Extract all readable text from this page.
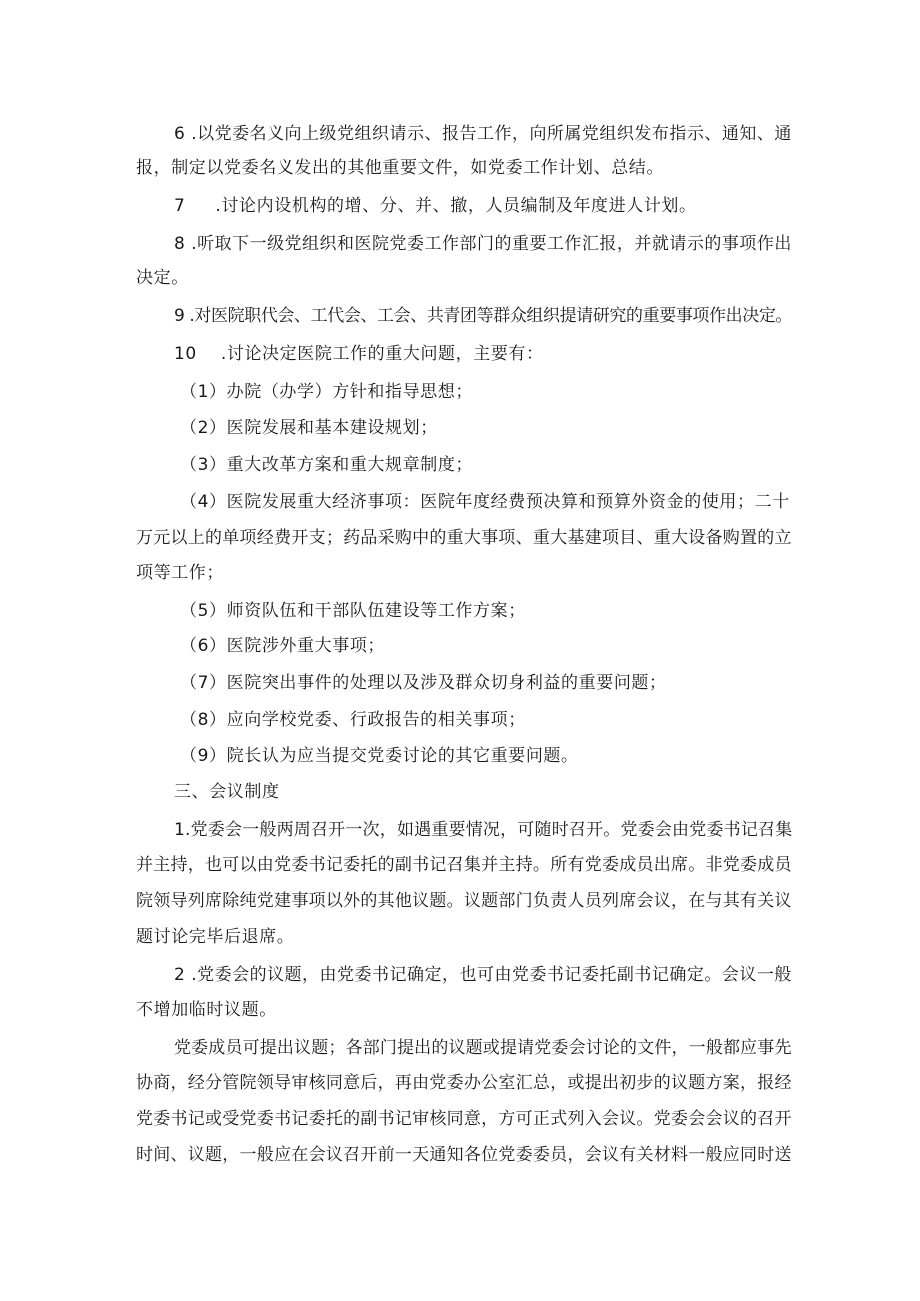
6 .以党委名义向上级党组织请示、报告工作，向所属党组织发布指示、通知、通
报，制定以党委名义发出的其他重要文件，如党委工作计划、总结。
7     .讨论内设机构的增、分、并、撤，人员编制及年度进人计划。
8 .听取下一级党组织和医院党委工作部门的重要工作汇报，并就请示的事项作出
决定。
9 .对医院职代会、工代会、工会、共青团等群众组织提请研究的重要事项作出决定。
10    .讨论决定医院工作的重大问题，主要有：
（1）办院（办学）方针和指导思想；
（2）医院发展和基本建设规划；
（3）重大改革方案和重大规章制度；
（4）医院发展重大经济事项：医院年度经费预决算和预算外资金的使用；二十
万元以上的单项经费开支；药品采购中的重大事项、重大基建项目、重大设备购置的立
项等工作；
（5）师资队伍和干部队伍建设等工作方案；
（6）医院涉外重大事项；
（7）医院突出事件的处理以及涉及群众切身利益的重要问题；
（8）应向学校党委、行政报告的相关事项；
（9）院长认为应当提交党委讨论的其它重要问题。
三、会议制度
1.党委会一般两周召开一次，如遇重要情况，可随时召开。党委会由党委书记召集
并主持，也可以由党委书记委托的副书记召集并主持。所有党委成员出席。非党委成员
院领导列席除纯党建事项以外的其他议题。议题部门负责人员列席会议，在与其有关议
题讨论完毕后退席。
2 .党委会的议题，由党委书记确定，也可由党委书记委托副书记确定。会议一般
不增加临时议题。
党委成员可提出议题；各部门提出的议题或提请党委会讨论的文件，一般都应事先
协商，经分管院领导审核同意后，再由党委办公室汇总，或提出初步的议题方案，报经
党委书记或受党委书记委托的副书记审核同意，方可正式列入会议。党委会会议的召开
时间、议题，一般应在会议召开前一天通知各位党委委员，会议有关材料一般应同时送
